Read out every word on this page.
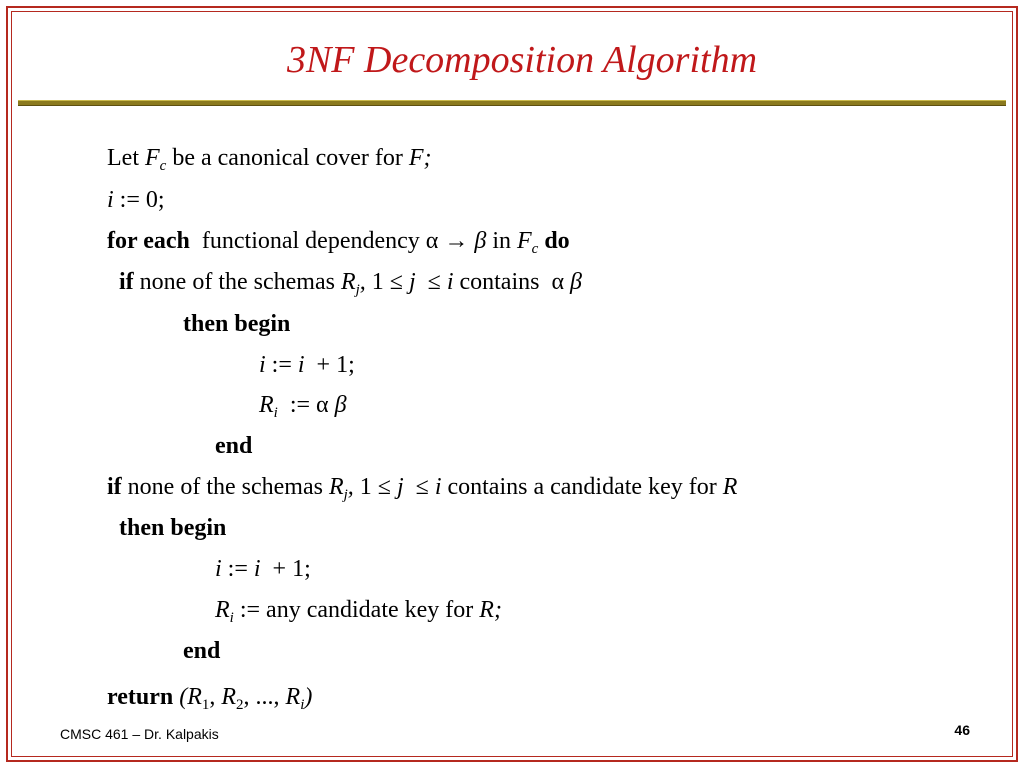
3NF Decomposition Algorithm
Let $F_c$ be a canonical cover for F;
i := 0;
for each  functional dependency α → β in $F_c$ do
if none of the schemas $R_j$, 1 ≤ j  ≤ i contains  α β
then begin
i := i  + 1;
$R_i$  := α β
end
if none of the schemas $R_j$, 1 ≤ j  ≤ i contains a candidate key for R
then begin
i := i  + 1;
$R_i$ := any candidate key for R;
end
return ($R_1$, $R_2$, ..., $R_i$)
CMSC 461 – Dr. Kalpakis	46
